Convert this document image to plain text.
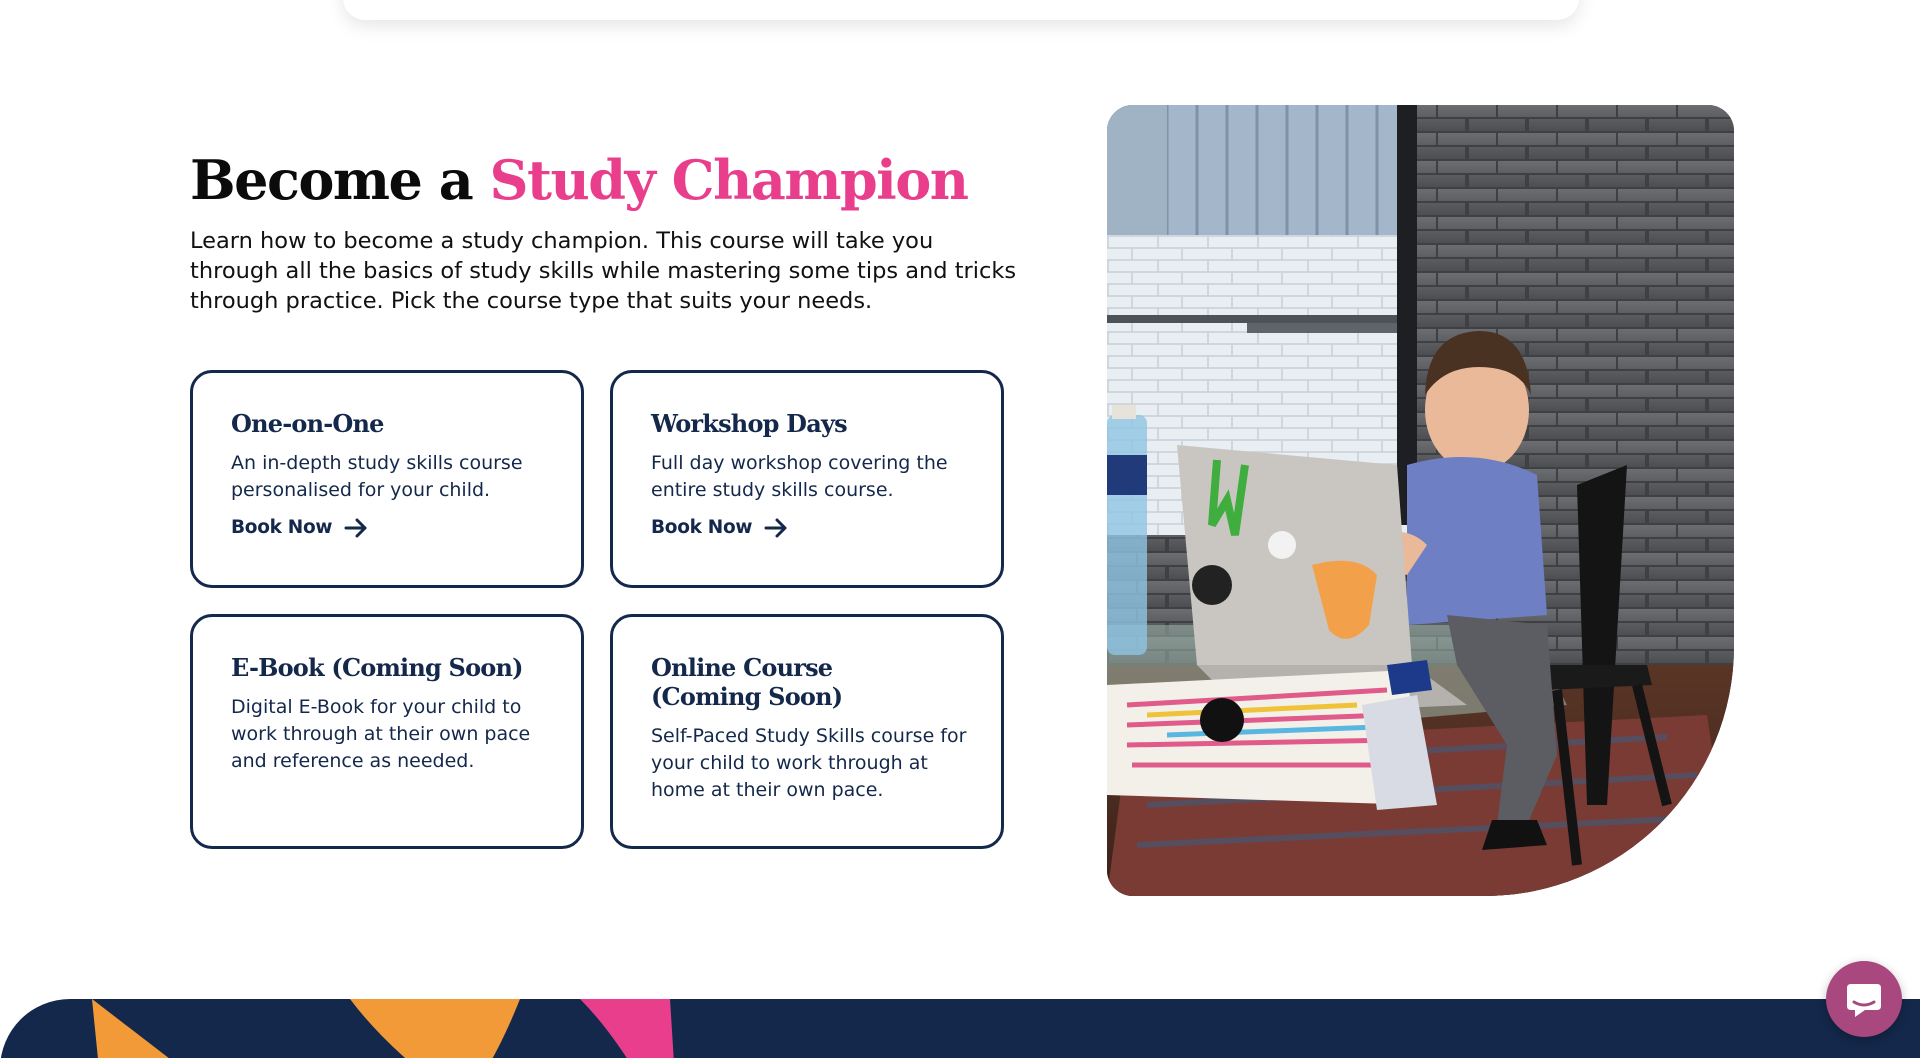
Become a Study Champion

Learn how to become a study champion. This course will take you through all the basics of study skills while mastering some tips and tricks through practice. Pick the course type that suits your needs.

One-on-One
An in-depth study skills course personalised for your child.
Book Now
Workshop Days
Full day workshop covering the entire study skills course.
Book Now
E-Book (Coming Soon)
Digital E-Book for your child to work through at their own pace and reference as needed.
Online Course (Coming Soon)
Self-Paced Study Skills course for your child to work through at home at their own pace.
